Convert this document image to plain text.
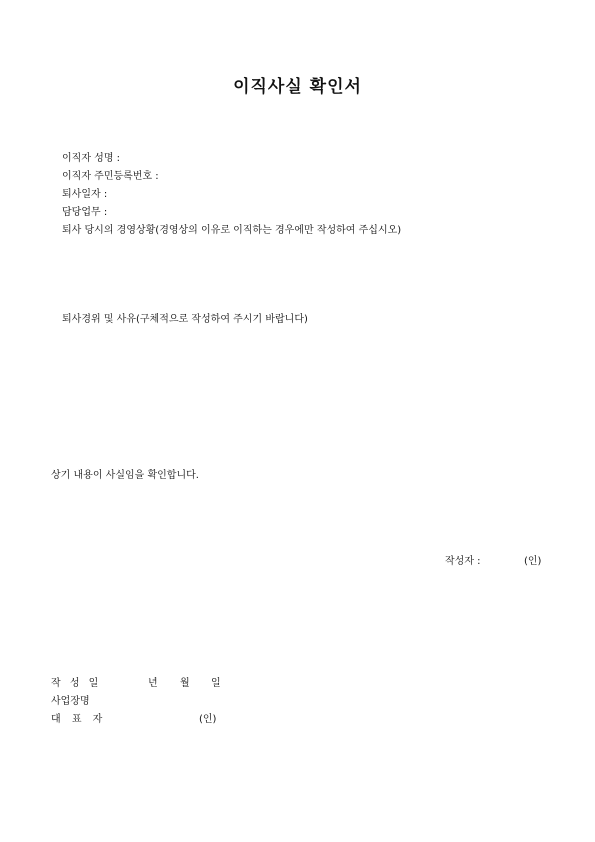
이직사실 확인서
이직자 성명 :
이직자 주민등록번호 :
퇴사일자 :
담당업무 :
퇴사 당시의 경영상황(경영상의 이유로 이직하는 경우에만 작성하여 주십시오)
퇴사경위 및 사유(구체적으로 작성하여 주시기 바랍니다)
상기 내용이 사실임을 확인합니다.
작성자 :	(인)
작 성 일	년 월 일
사업장명
대 표 자	(인)
